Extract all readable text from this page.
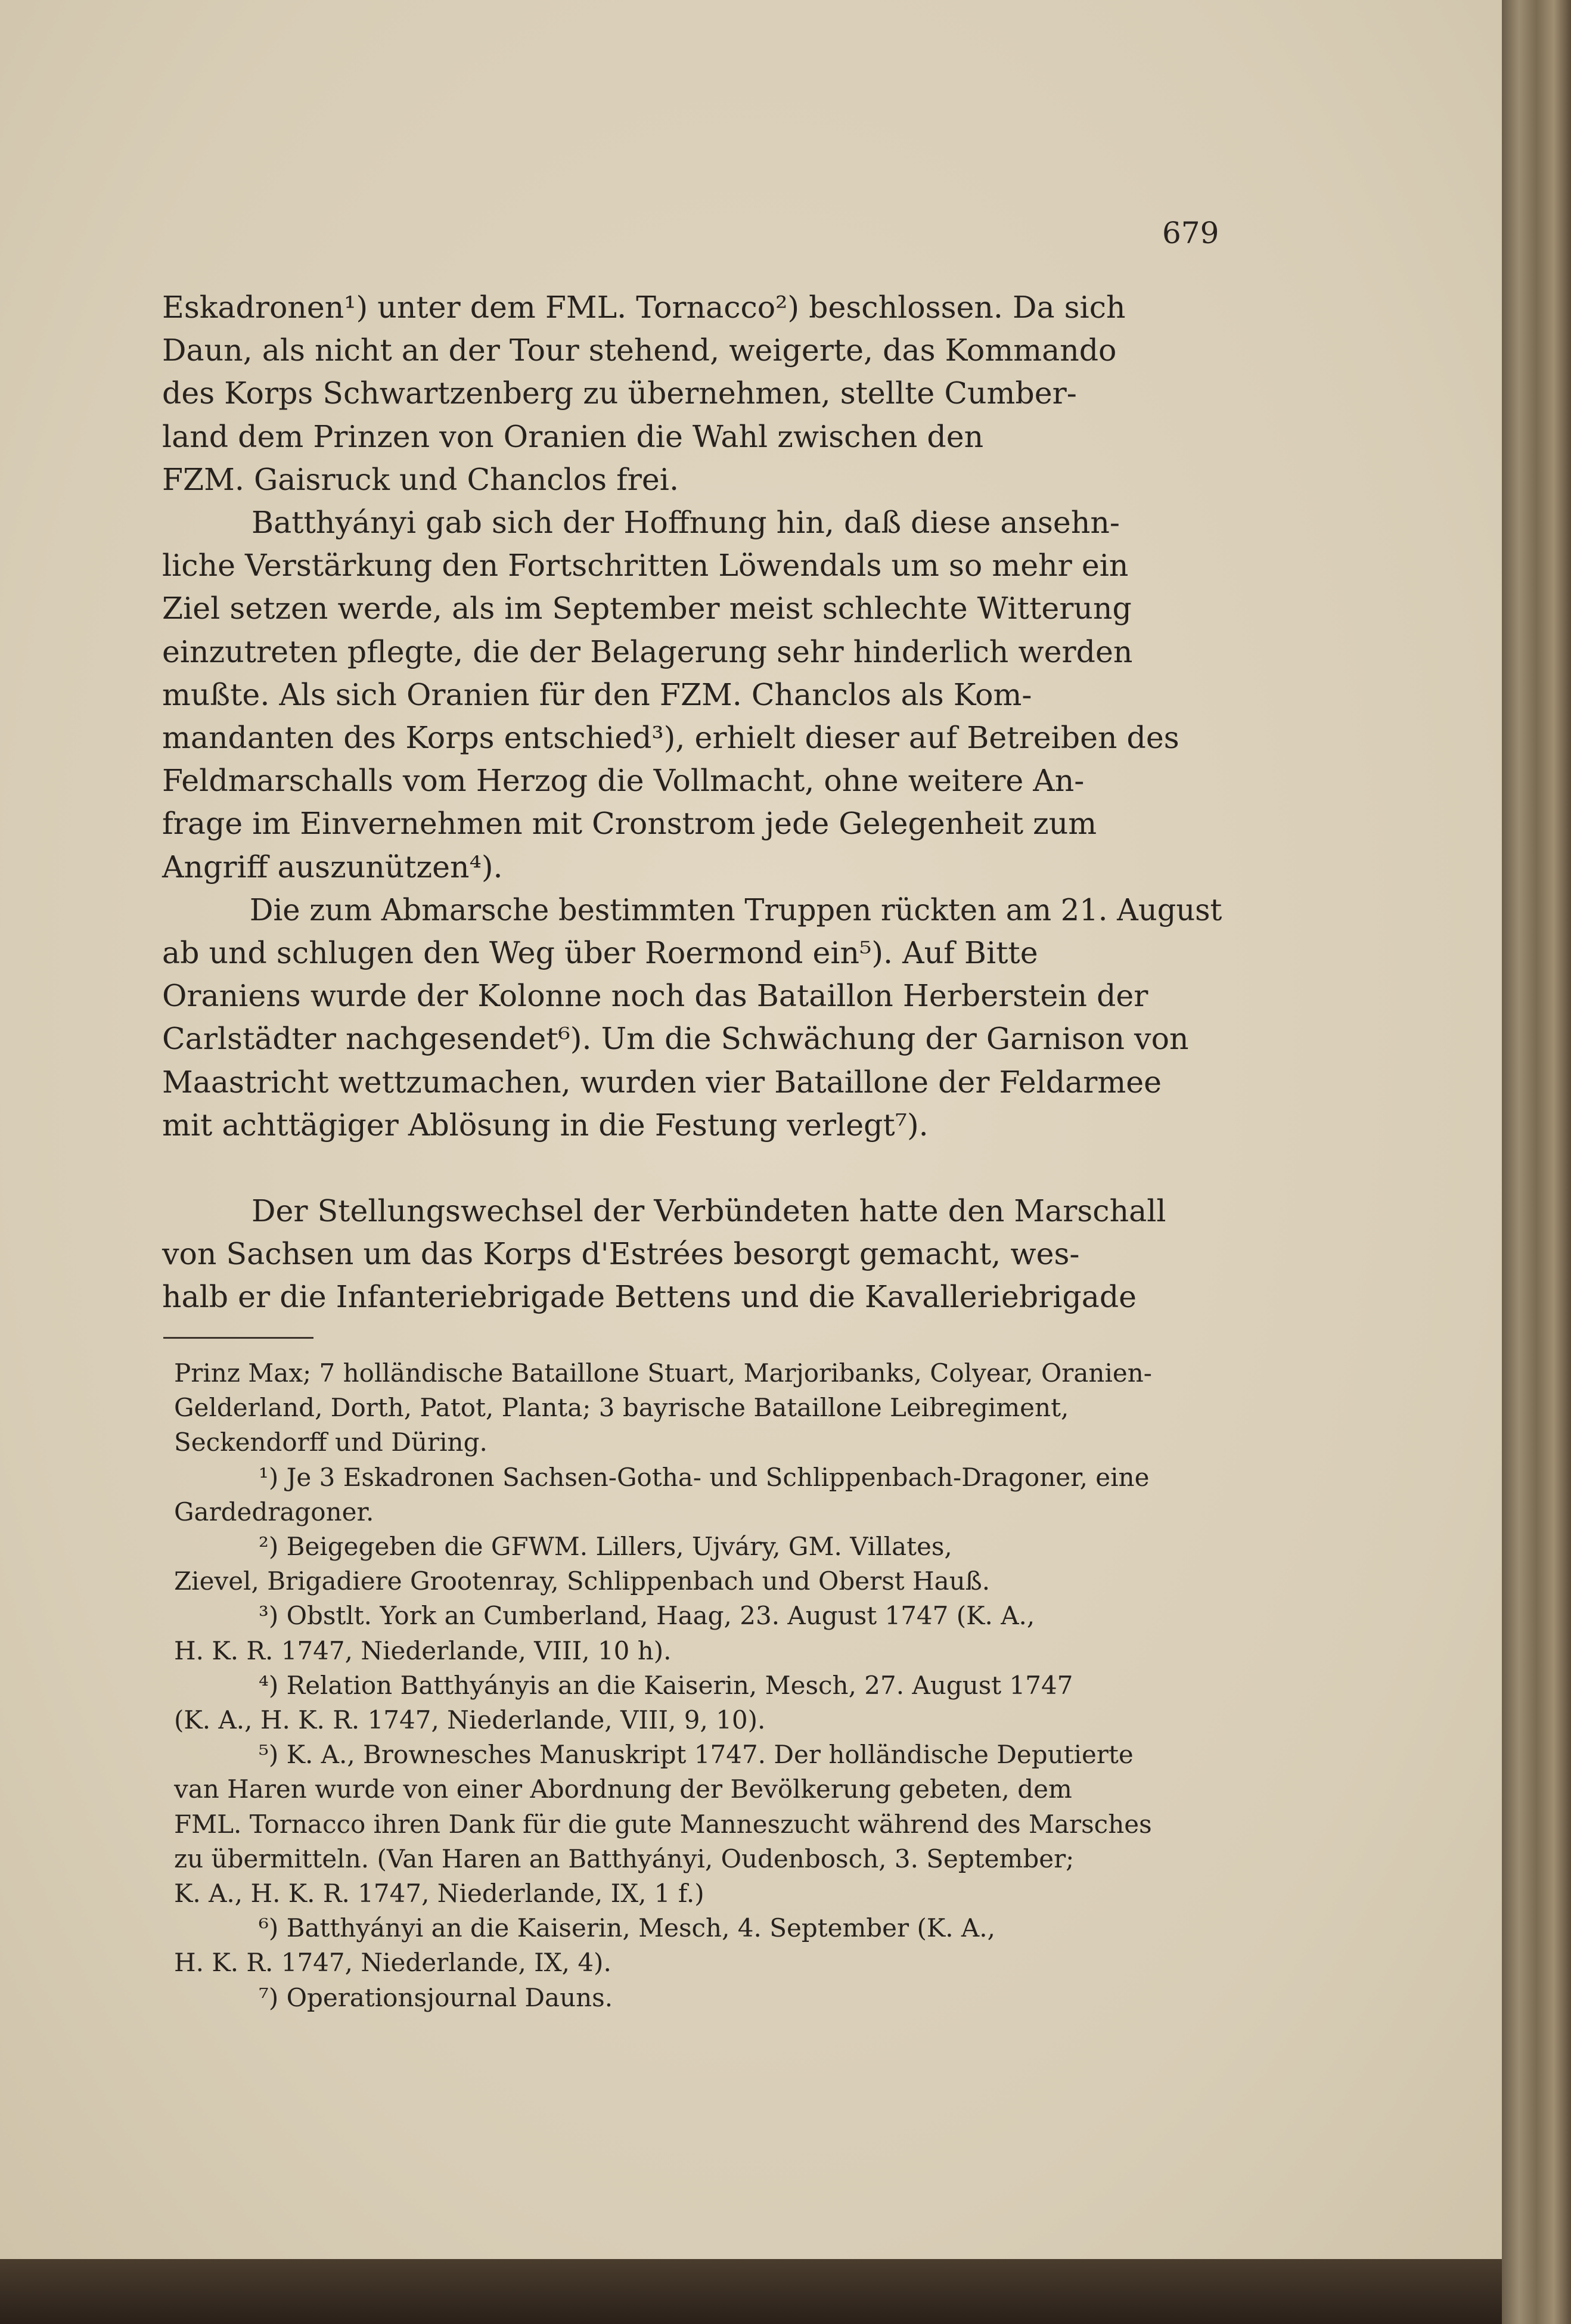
679
Eskadronen¹) unter dem FML. Tornacco²) beschlossen. Da sich
Daun, als nicht an der Tour stehend, weigerte, das Kommando
des Korps Schwartzenberg zu übernehmen, stellte Cumber-
land dem Prinzen von Oranien die Wahl zwischen den
FZM. Gaisruck und Chanclos frei.
Batthyányi gab sich der Hoffnung hin, daß diese ansehn-
liche Verstärkung den Fortschritten Löwendals um so mehr ein
Ziel setzen werde, als im September meist schlechte Witterung
einzutreten pflegte, die der Belagerung sehr hinderlich werden
mußte. Als sich Oranien für den FZM. Chanclos als Kom-
mandanten des Korps entschied³), erhielt dieser auf Betreiben des
Feldmarschalls vom Herzog die Vollmacht, ohne weitere An-
frage im Einvernehmen mit Cronstrom jede Gelegenheit zum
Angriff auszunützen⁴).
Die zum Abmarsche bestimmten Truppen rückten am 21. August
ab und schlugen den Weg über Roermond ein⁵). Auf Bitte
Oraniens wurde der Kolonne noch das Bataillon Herberstein der
Carlstädter nachgesendet⁶). Um die Schwächung der Garnison von
Maastricht wettzumachen, wurden vier Bataillone der Feldarmee
mit achttägiger Ablösung in die Festung verlegt⁷).
Der Stellungswechsel der Verbündeten hatte den Marschall
von Sachsen um das Korps d'Estrées besorgt gemacht, wes-
halb er die Infanteriebrigade Bettens und die Kavalleriebrigade
Prinz Max; 7 holländische Bataillone Stuart, Marjoribanks, Colyear, Oranien-
Gelderland, Dorth, Patot, Planta; 3 bayrische Bataillone Leibregiment,
Seckendorff und Düring.
¹) Je 3 Eskadronen Sachsen-Gotha- und Schlippenbach-Dragoner, eine
Gardedragoner.
²) Beigegeben die GFWM. Lillers, Ujváry, GM. Villates,
Zievel, Brigadiere Grootenray, Schlippenbach und Oberst Hauß.
³) Obstlt. York an Cumberland, Haag, 23. August 1747 (K. A.,
H. K. R. 1747, Niederlande, VIII, 10 h).
⁴) Relation Batthyányis an die Kaiserin, Mesch, 27. August 1747
(K. A., H. K. R. 1747, Niederlande, VIII, 9, 10).
⁵) K. A., Brownesches Manuskript 1747. Der holländische Deputierte
van Haren wurde von einer Abordnung der Bevölkerung gebeten, dem
FML. Tornacco ihren Dank für die gute Manneszucht während des Marsches
zu übermitteln. (Van Haren an Batthyányi, Oudenbosch, 3. September;
K. A., H. K. R. 1747, Niederlande, IX, 1 f.)
⁶) Batthyányi an die Kaiserin, Mesch, 4. September (K. A.,
H. K. R. 1747, Niederlande, IX, 4).
⁷) Operationsjournal Dauns.
